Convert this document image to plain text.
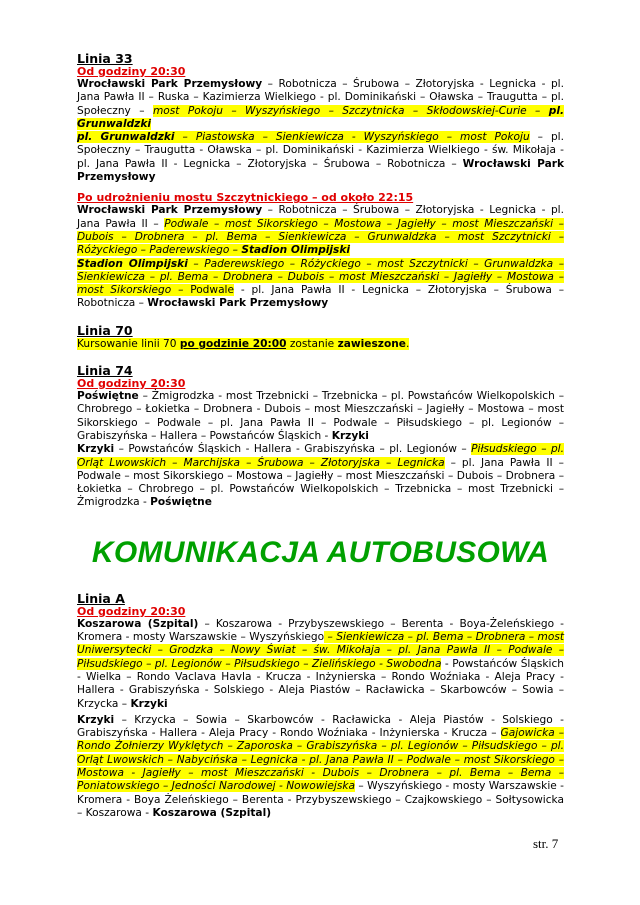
Linia 33

Od godziny 20:30

Wrocławski Park Przemysłowy – Robotnicza – Śrubowa – Złotoryjska - Legnicka - pl. Jana Pawła II – Ruska – Kazimierza Wielkiego - pl. Dominikański – Oławska – Traugutta – pl. Społeczny – most Pokoju – Wyszyńskiego – Szczytnicka – Skłodowskiej-Curie – pl. Grunwaldzki

pl. Grunwaldzki – Piastowska – Sienkiewicza - Wyszyńskiego – most Pokoju – pl. Społeczny – Traugutta - Oławska – pl. Dominikański - Kazimierza Wielkiego - św. Mikołaja - pl. Jana Pawła II - Legnicka – Złotoryjska – Śrubowa – Robotnicza – Wrocławski Park Przemysłowy

Po udrożnieniu mostu Szczytnickiego – od około 22:15

Wrocławski Park Przemysłowy – Robotnicza – Śrubowa – Złotoryjska - Legnicka - pl. Jana Pawła II – Podwale – most Sikorskiego – Mostowa – Jagiełły – most Mieszczański – Dubois – Drobnera – pl. Bema – Sienkiewicza – Grunwaldzka – most Szczytnicki – Różyckiego – Paderewskiego – Stadion Olimpijski

Stadion Olimpijski – Paderewskiego – Różyckiego – most Szczytnicki – Grunwaldzka – Sienkiewicza – pl. Bema – Drobnera – Dubois – most Mieszczański – Jagiełły – Mostowa – most Sikorskiego – Podwale - pl. Jana Pawła II - Legnicka – Złotoryjska – Śrubowa – Robotnicza – Wrocławski Park Przemysłowy

Linia 70

Kursowanie linii 70 po godzinie 20:00 zostanie zawieszone.

Linia 74

Od godziny 20:30

Poświętne – Żmigrodzka - most Trzebnicki – Trzebnicka – pl. Powstańców Wielkopolskich – Chrobrego – Łokietka – Drobnera - Dubois – most Mieszczański – Jagiełły – Mostowa – most Sikorskiego – Podwale – pl. Jana Pawła II – Podwale – Piłsudskiego – pl. Legionów – Grabiszyńska – Hallera – Powstańców Śląskich - Krzyki

Krzyki – Powstańców Śląskich - Hallera - Grabiszyńska – pl. Legionów – Piłsudskiego – pl. Orląt Lwowskich – Marchijska – Śrubowa – Złotoryjska – Legnicka – pl. Jana Pawła II – Podwale – most Sikorskiego – Mostowa – Jagiełły – most Mieszczański – Dubois – Drobnera – Łokietka – Chrobrego – pl. Powstańców Wielkopolskich – Trzebnicka – most Trzebnicki – Żmigrodzka - Poświętne

KOMUNIKACJA AUTOBUSOWA

Linia A

Od godziny 20:30

Koszarowa (Szpital) – Koszarowa - Przybyszewskiego – Berenta - Boya-Żeleńskiego - Kromera - mosty Warszawskie – Wyszyńskiego – Sienkiewicza – pl. Bema – Drobnera – most Uniwersytecki – Grodzka – Nowy Świat – św. Mikołaja – pl. Jana Pawła II – Podwale – Piłsudskiego – pl. Legionów – Piłsudskiego – Zielińskiego - Swobodna - Powstańców Śląskich - Wielka – Rondo Vaclava Havla - Krucza - Inżynierska – Rondo Woźniaka - Aleja Pracy - Hallera - Grabiszyńska - Solskiego - Aleja Piastów – Racławicka – Skarbowców – Sowia – Krzycka – Krzyki

Krzyki – Krzycka – Sowia – Skarbowców - Racławicka - Aleja Piastów - Solskiego - Grabiszyńska - Hallera - Aleja Pracy - Rondo Woźniaka - Inżynierska - Krucza – Gajowicka – Rondo Żołnierzy Wyklętych – Zaporoska – Grabiszyńska – pl. Legionów – Piłsudskiego – pl. Orląt Lwowskich – Nabycińska – Legnicka - pl. Jana Pawła II – Podwale – most Sikorskiego – Mostowa - Jagiełły – most Mieszczański - Dubois – Drobnera – pl. Bema – Bema – Poniatowskiego – Jedności Narodowej - Nowowiejska – Wyszyńskiego - mosty Warszawskie - Kromera - Boya Żeleńskiego – Berenta - Przybyszewskiego – Czajkowskiego – Sołtysowicka – Koszarowa - Koszarowa (Szpital)

str. 7
